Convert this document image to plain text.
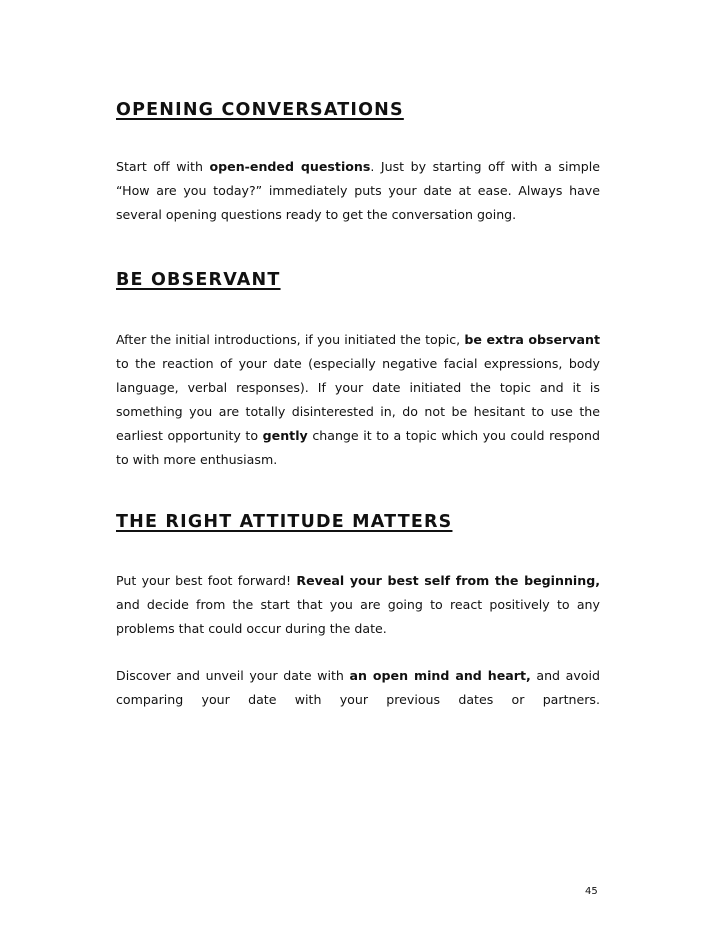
OPENING CONVERSATIONS

Start off with open-ended questions. Just by starting off with a simple “How are you today?” immediately puts your date at ease. Always have several opening questions ready to get the conversation going.

BE OBSERVANT

After the initial introductions, if you initiated the topic, be extra observant to the reaction of your date (especially negative facial expressions, body language, verbal responses). If your date initiated the topic and it is something you are totally disinterested in, do not be hesitant to use the earliest opportunity to gently change it to a topic which you could respond to with more enthusiasm.

THE RIGHT ATTITUDE MATTERS

Put your best foot forward! Reveal your best self from the beginning, and decide from the start that you are going to react positively to any problems that could occur during the date.

Discover and unveil your date with an open mind and heart, and avoid comparing your date with your previous dates or partners.

45
